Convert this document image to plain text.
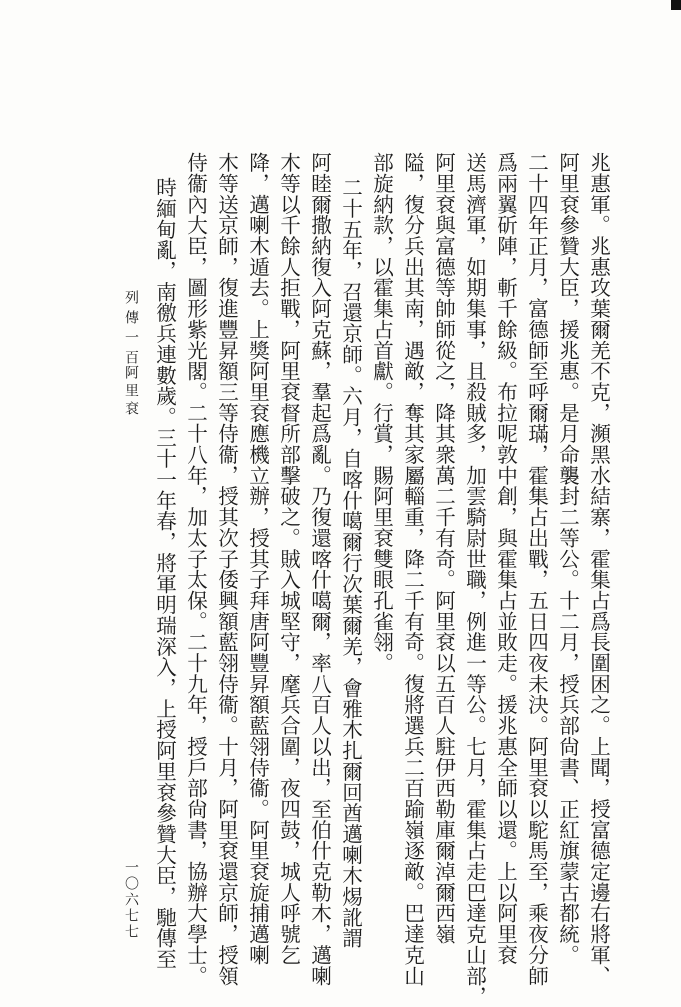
兆惠軍。兆惠攻葉爾羌不克，瀕黑水結寨，霍集占爲長圍困之。上聞，授富德定邊右將軍、
阿里袞參贊大臣，援兆惠。是月命襲封二等公。十二月，授兵部尙書、正紅旗蒙古都統。
二十四年正月，富德師至呼爾璊，霍集占出戰，五日四夜未決。阿里袞以駝馬至，乘夜分師
爲兩翼斫陣，斬千餘級。布拉呢敦中創，與霍集占並敗走。援兆惠全師以還。上以阿里袞
送馬濟軍，如期集事，且殺賊多，加雲騎尉世職，例進一等公。七月，霍集占走巴達克山部，
阿里袞與富德等帥師從之，降其衆萬二千有奇。阿里袞以五百人駐伊西勒庫爾淖爾西嶺
隘，復分兵出其南，遇敵，奪其家屬輜重，降二千有奇。復將選兵二百踰嶺逐敵。巴達克山
部旋納款，以霍集占首獻。行賞，賜阿里袞雙眼孔雀翎。
二十五年，召還京師。六月，自喀什噶爾行次葉爾羌，會雅木扎爾回酋邁喇木焬訛謂
阿睦爾撒納復入阿克蘇，羣起爲亂。乃復還喀什噶爾，率八百人以出，至伯什克勒木，邁喇
木等以千餘人拒戰，阿里袞督所部擊破之。賊入城堅守，麾兵合圍，夜四鼓，城人呼號乞
降，邁喇木遁去。上獎阿里袞應機立辦，授其子拜唐阿豐昇額藍翎侍衞。阿里袞旋捕邁喇
木等送京師，復進豐昇額三等侍衞，授其次子倭興額藍翎侍衞。十月，阿里袞還京師，授領
侍衞內大臣，圖形紫光閣。二十八年，加太子太保。二十九年，授戶部尙書，協辦大學士。
時緬甸亂，南徼兵連數歲。三十一年春，將軍明瑞深入，上授阿里袞參贊大臣，馳傳至
列傳一百
阿里袞
一〇六七七
